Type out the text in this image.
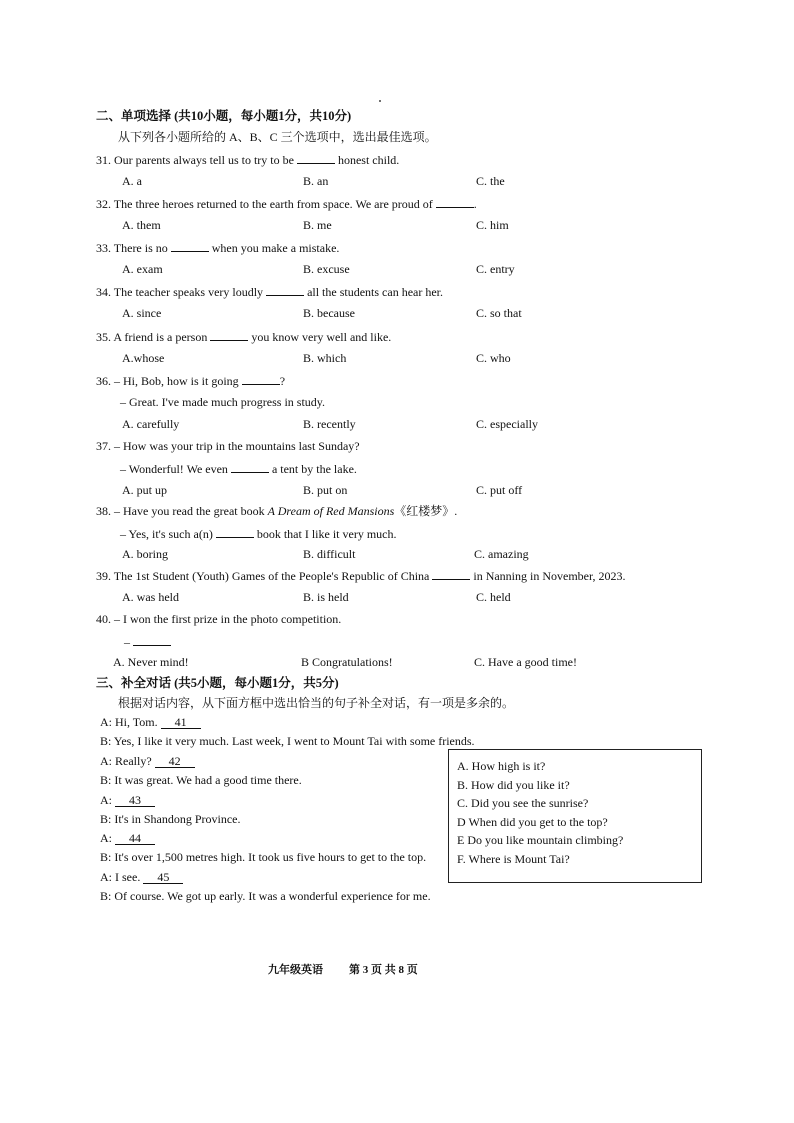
二、单项选择 (共10小题，每小题1分，共10分)
从下列各小题所给的 A、B、C 三个选项中，选出最佳选项。
31. Our parents always tell us to try to be	honest child.
A. a	B. an	C. the
32. The three heroes returned to the earth from space. We are proud of	.
A. them	B. me	C. him
33. There is no	when you make a mistake.
A. exam	B. excuse	C. entry
34. The teacher speaks very loudly	all the students can hear her.
A. since	B. because	C. so that
35. A friend is a person	you know very well and like.
A.whose	B. which	C. who
36. – Hi, Bob, how is it going	?
– Great. I've made much progress in study.
A. carefully	B. recently	C. especially
37. – How was your trip in the mountains last Sunday?
– Wonderful! We even	a tent by the lake.
A. put up	B. put on	C. put off
38. – Have you read the great book A Dream of Red Mansions《红楼梦》.
– Yes, it's such a(n)	book that I like it very much.
A. boring	B. difficult	C. amazing
39. The 1st Student (Youth) Games of the People's Republic of China	in Nanning in November, 2023.
A. was held	B. is held	C. held
40. – I won the first prize in the photo competition.
–
A. Never mind!	B Congratulations!	C. Have a good time!
三、补全对话 (共5小题，每小题1分，共5分)
根据对话内容，从下面方框中选出恰当的句子补全对话，有一项是多余的。
A: Hi, Tom. 41
B: Yes, I like it very much. Last week, I went to Mount Tai with some friends.
A: Really? 42
B: It was great. We had a good time there.
A: 43
B: It's in Shandong Province.
A: 44
B: It's over 1,500 metres high. It took us five hours to get to the top.
A: I see. 45
B: Of course. We got up early. It was a wonderful experience for me.
A. How high is it?
B. How did you like it?
C. Did you see the sunrise?
D When did you get to the top?
E Do you like mountain climbing?
F. Where is Mount Tai?
九年级英语 第 3 页 共 8 页
